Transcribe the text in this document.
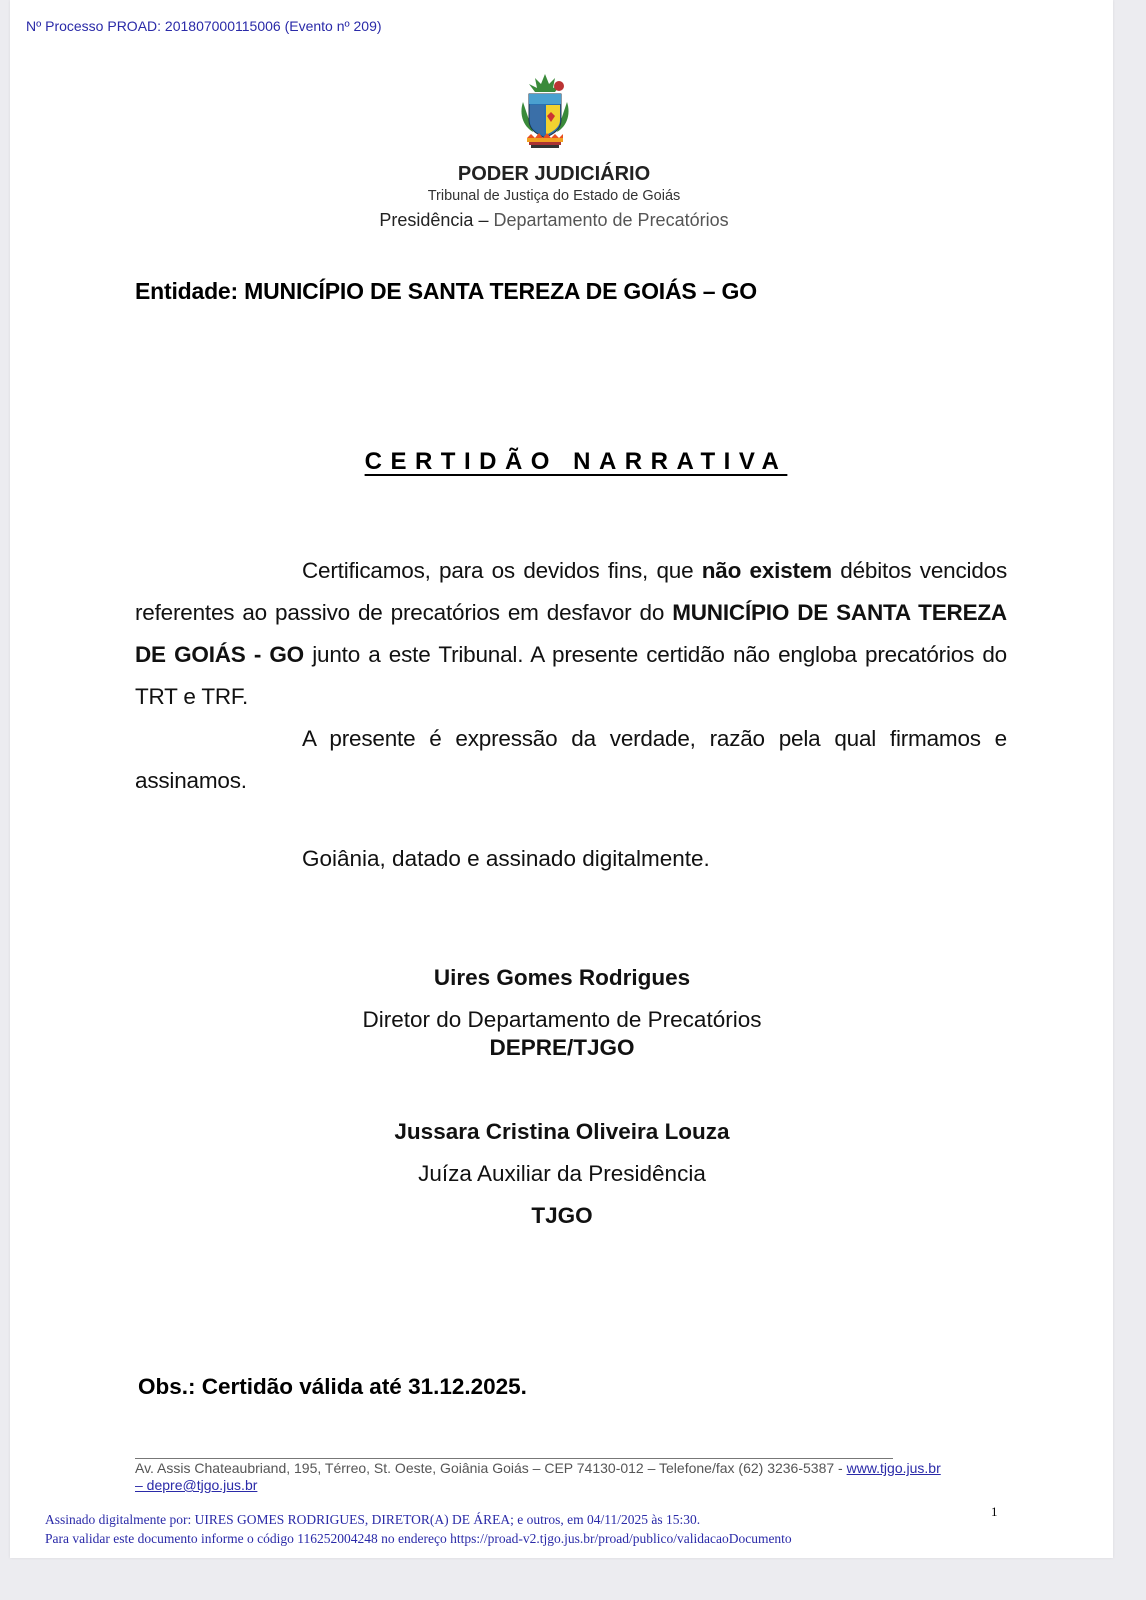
Nº Processo PROAD: 201807000115006 (Evento nº 209)
PODER JUDICIÁRIO
Tribunal de Justiça do Estado de Goiás
Presidência – Departamento de Precatórios
Entidade: MUNICÍPIO DE SANTA TEREZA DE GOIÁS – GO
CERTIDÃO NARRATIVA

Certificamos, para os devidos fins, que não existem débitos vencidos referentes ao passivo de precatórios em desfavor do MUNICÍPIO DE SANTA TEREZA DE GOIÁS - GO junto a este Tribunal. A presente certidão não engloba precatórios do TRT e TRF.

A presente é expressão da verdade, razão pela qual firmamos e assinamos.

Goiânia, datado e assinado digitalmente.
Uires Gomes Rodrigues
Diretor do Departamento de Precatórios
DEPRE/TJGO
Jussara Cristina Oliveira Louza
Juíza Auxiliar da Presidência
TJGO
Obs.: Certidão válida até 31.12.2025.
Av. Assis Chateaubriand, 195, Térreo, St. Oeste, Goiânia Goiás – CEP 74130-012 – Telefone/fax (62) 3236-5387 - www.tjgo.jus.br
– depre@tjgo.jus.br
1
Assinado digitalmente por: UIRES GOMES RODRIGUES, DIRETOR(A) DE ÁREA; e outros, em 04/11/2025 às 15:30.
Para validar este documento informe o código 116252004248 no endereço https://proad-v2.tjgo.jus.br/proad/publico/validacaoDocumento
